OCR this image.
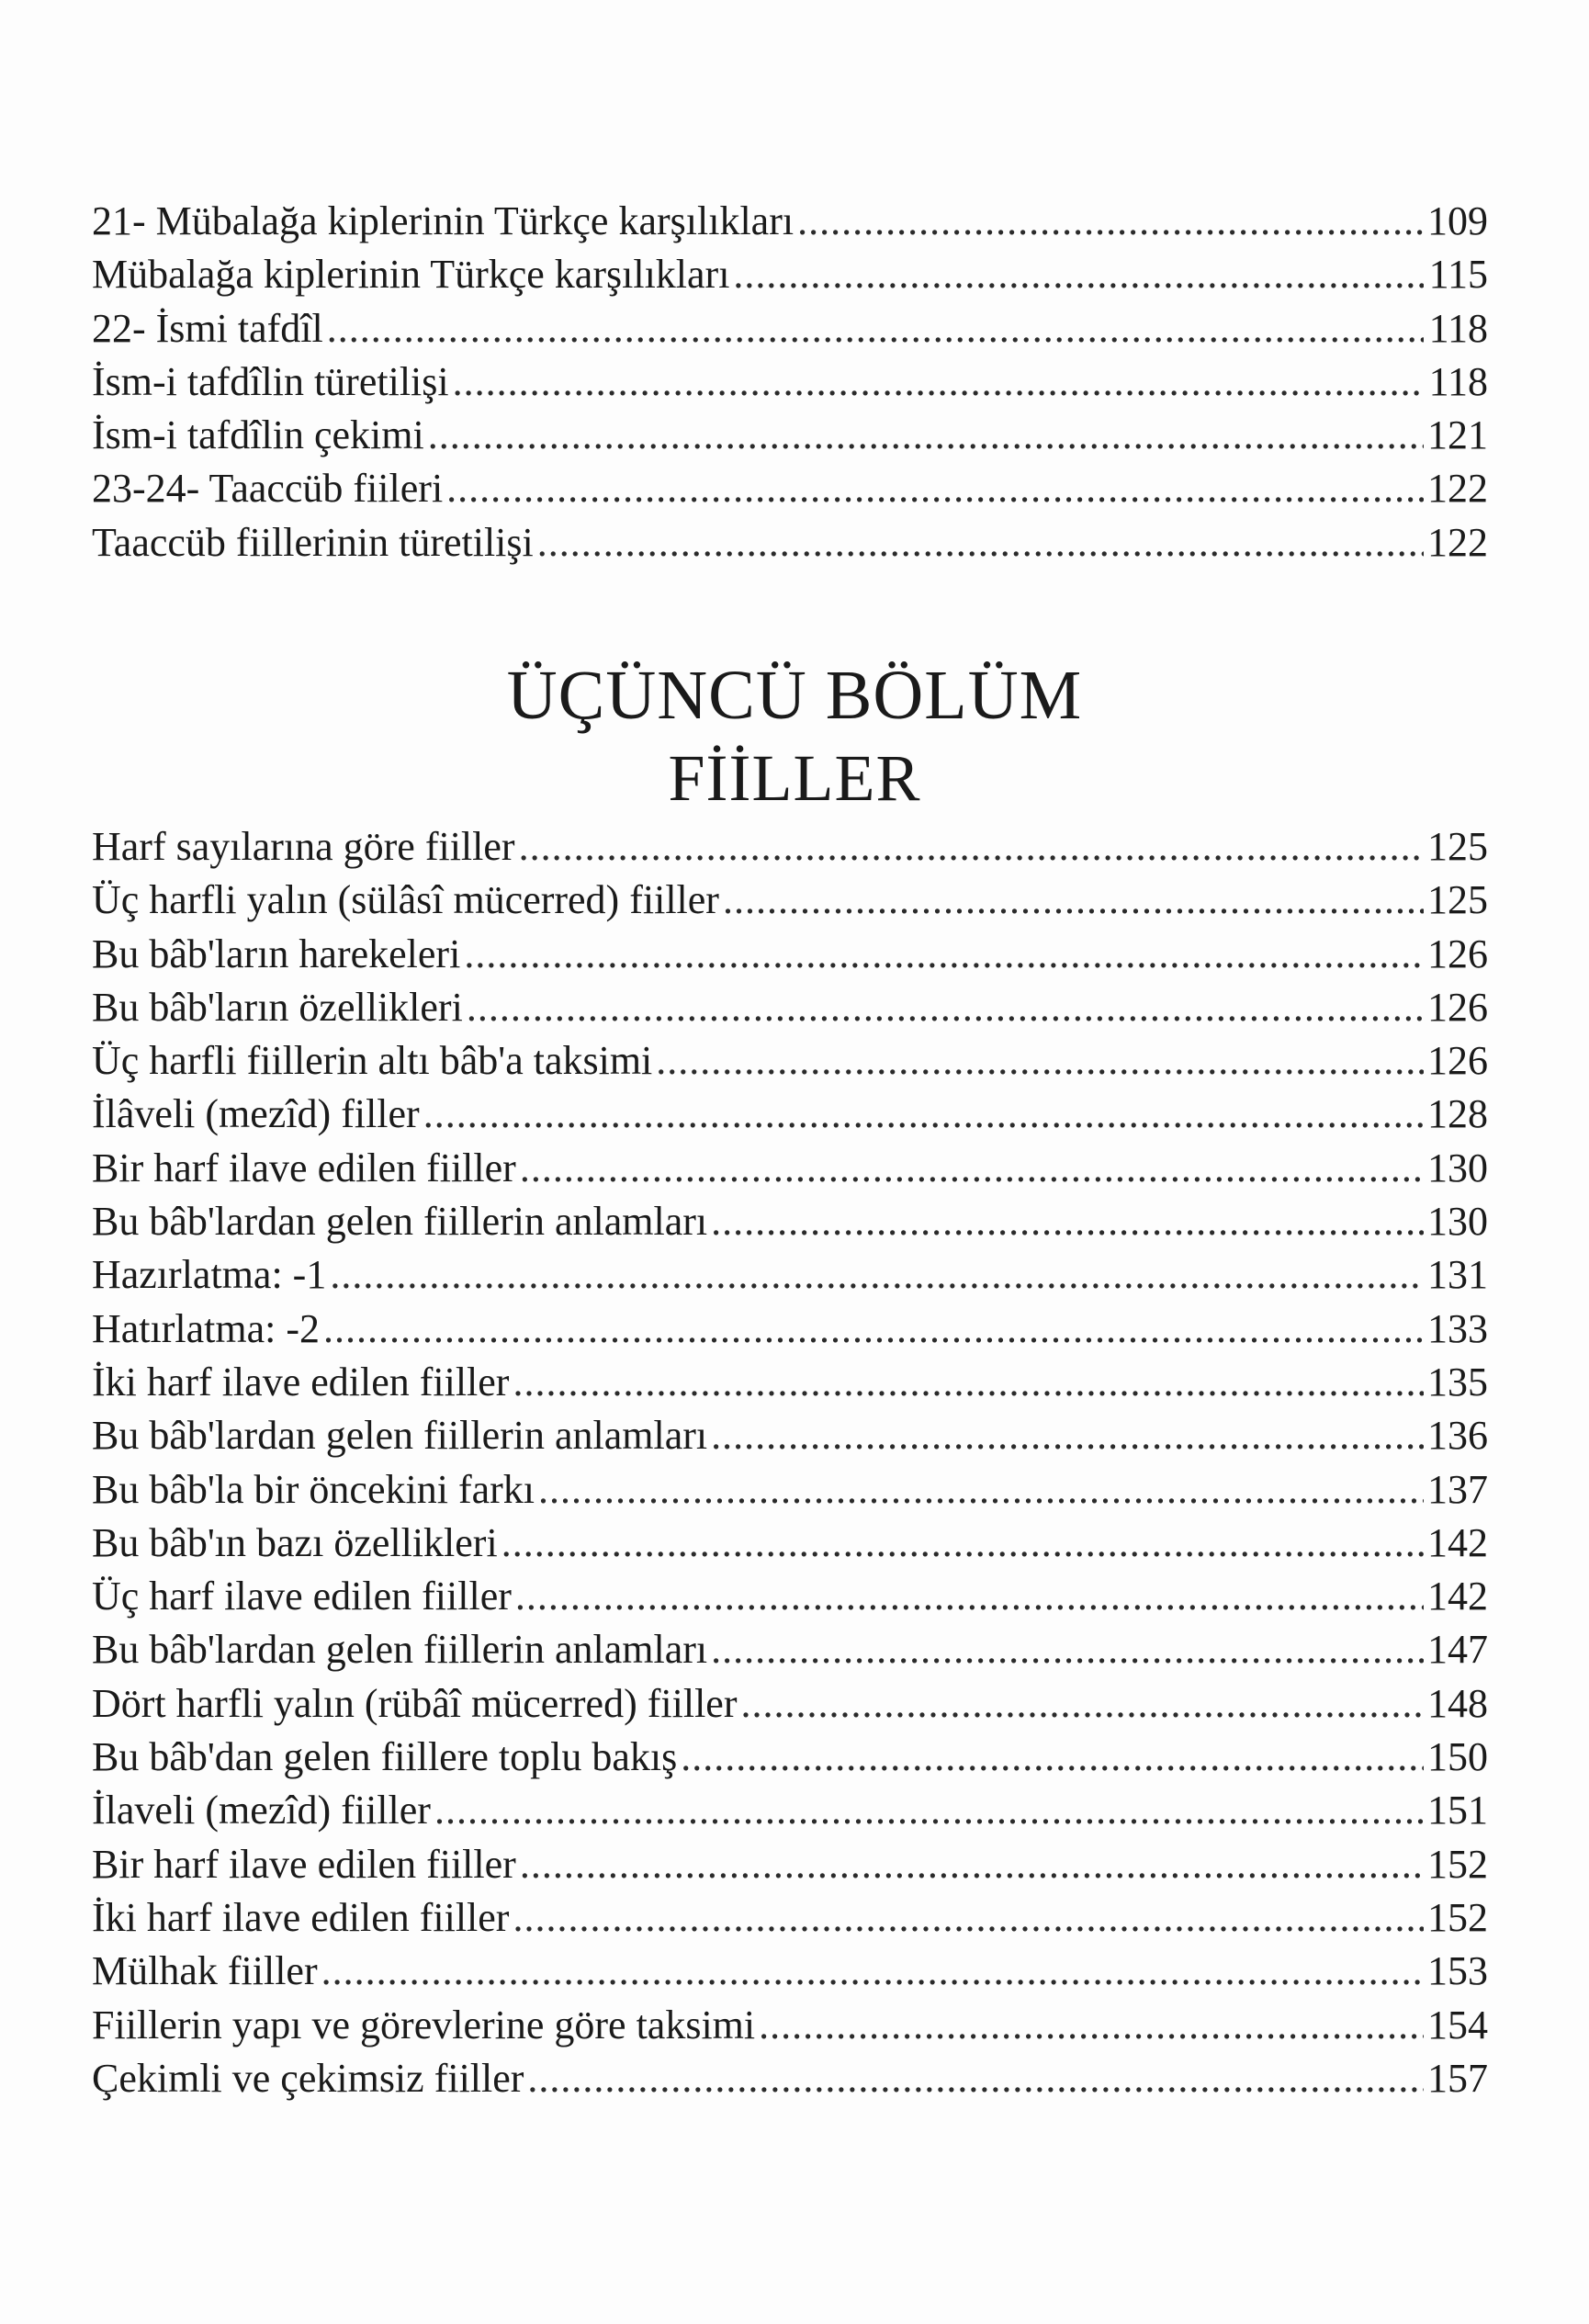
21- Mübalağa kiplerinin Türkçe karşılıkları .....	109
Mübalağa kiplerinin Türkçe karşılıkları .....	115
22- İsmi tafdîl .....	118
İsm-i tafdîlin türetilişi .....	118
İsm-i tafdîlin çekimi .....	121
23-24- Taaccüb fiileri .....	122
Taaccüb fiillerinin türetilişi .....	122
ÜÇÜNCÜ BÖLÜM
FİİLLER
Harf sayılarına göre fiiller .....	125
Üç harfli yalın (sülâsî mücerred) fiiller .....	125
Bu bâb'ların harekeleri .....	126
Bu bâb'ların özellikleri .....	126
Üç harfli fiillerin altı bâb'a taksimi .....	126
İlâveli (mezîd) filler .....	128
Bir harf ilave edilen fiiller .....	130
Bu bâb'lardan gelen fiillerin anlamları .....	130
Hazırlatma: -1 .....	131
Hatırlatma: -2 .....	133
İki harf ilave edilen fiiller .....	135
Bu bâb'lardan gelen fiillerin anlamları .....	136
Bu bâb'la bir öncekini farkı .....	137
Bu bâb'ın bazı özellikleri .....	142
Üç harf ilave edilen fiiller .....	142
Bu bâb'lardan gelen fiillerin anlamları .....	147
Dört harfli yalın (rübâî mücerred) fiiller .....	148
Bu bâb'dan gelen fiillere toplu bakış .....	150
İlaveli (mezîd) fiiller .....	151
Bir harf ilave edilen fiiller .....	152
İki harf ilave edilen fiiller .....	152
Mülhak fiiller .....	153
Fiillerin yapı ve görevlerine göre taksimi .....	154
Çekimli ve çekimsiz fiiller .....	157
